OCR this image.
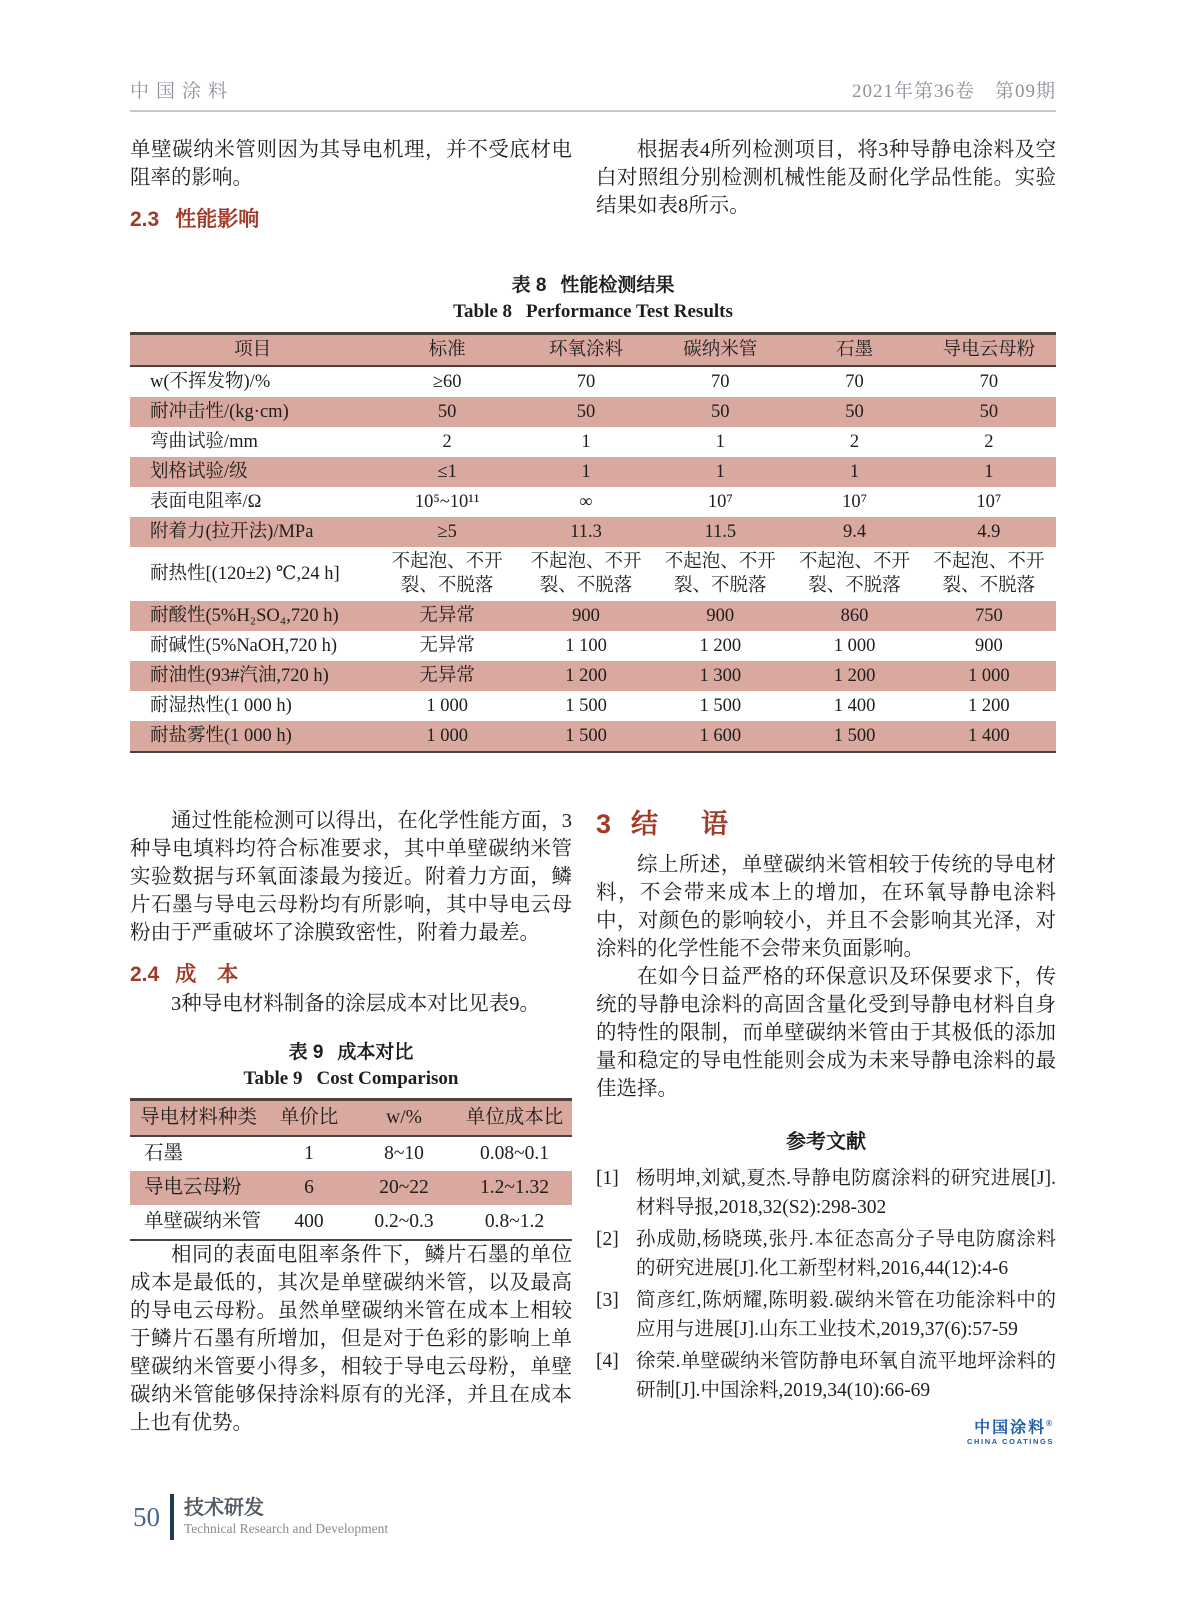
中国涂料	2021年第36卷　第09期

单壁碳纳米管则因为其导电机理，并不受底材电阻率的影响。

2.3 性能影响

根据表4所列检测项目，将3种导静电涂料及空白对照组分别检测机械性能及耐化学品性能。实验结果如表8所示。

表 8 性能检测结果
Table 8 Performance Test Results
项目	标准	环氧涂料	碳纳米管	石墨	导电云母粉
w(不挥发物)/%	≥60	70	70	70	70
耐冲击性/(kg·cm)	50	50	50	50	50
弯曲试验/mm	2	1	1	2	2
划格试验/级	≤1	1	1	1	1
表面电阻率/Ω	10⁵~10¹¹	∞	10⁷	10⁷	10⁷
附着力(拉开法)/MPa	≥5	11.3	11.5	9.4	4.9
耐热性[(120±2) ℃,24 h]	不起泡、不开裂、不脱落	不起泡、不开裂、不脱落	不起泡、不开裂、不脱落	不起泡、不开裂、不脱落	不起泡、不开裂、不脱落
耐酸性(5%H₂SO₄,720 h)	无异常	900	900	860	750
耐碱性(5%NaOH,720 h)	无异常	1 100	1 200	1 000	900
耐油性(93#汽油,720 h)	无异常	1 200	1 300	1 200	1 000
耐湿热性(1 000 h)	1 000	1 500	1 500	1 400	1 200
耐盐雾性(1 000 h)	1 000	1 500	1 600	1 500	1 400

通过性能检测可以得出，在化学性能方面，3种导电填料均符合标准要求，其中单壁碳纳米管实验数据与环氧面漆最为接近。附着力方面，鳞片石墨与导电云母粉均有所影响，其中导电云母粉由于严重破坏了涂膜致密性，附着力最差。

2.4 成　本

3种导电材料制备的涂层成本对比见表9。

表 9 成本对比
Table 9 Cost Comparison
导电材料种类	单价比	w/%	单位成本比
石墨	1	8~10	0.08~0.1
导电云母粉	6	20~22	1.2~1.32
单壁碳纳米管	400	0.2~0.3	0.8~1.2

相同的表面电阻率条件下，鳞片石墨的单位成本是最低的，其次是单壁碳纳米管，以及最高的导电云母粉。虽然单壁碳纳米管在成本上相较于鳞片石墨有所增加，但是对于色彩的影响上单壁碳纳米管要小得多，相较于导电云母粉，单壁碳纳米管能够保持涂料原有的光泽，并且在成本上也有优势。

3 结　语

综上所述，单壁碳纳米管相较于传统的导电材料，不会带来成本上的增加，在环氧导静电涂料中，对颜色的影响较小，并且不会影响其光泽，对涂料的化学性能不会带来负面影响。

在如今日益严格的环保意识及环保要求下，传统的导静电涂料的高固含量化受到导静电材料自身的特性的限制，而单壁碳纳米管由于其极低的添加量和稳定的导电性能则会成为未来导静电涂料的最佳选择。

参考文献
[1] 杨明坤,刘斌,夏杰.导静电防腐涂料的研究进展[J].材料导报,2018,32(S2):298-302
[2] 孙成勋,杨晓瑛,张丹.本征态高分子导电防腐涂料的研究进展[J].化工新型材料,2016,44(12):4-6
[3] 简彦红,陈炳耀,陈明毅.碳纳米管在功能涂料中的应用与进展[J].山东工业技术,2019,37(6):57-59
[4] 徐荣.单壁碳纳米管防静电环氧自流平地坪涂料的研制[J].中国涂料,2019,34(10):66-69
中国涂料®
CHINA COATINGS
50 技术研发
Technical Research and Development
